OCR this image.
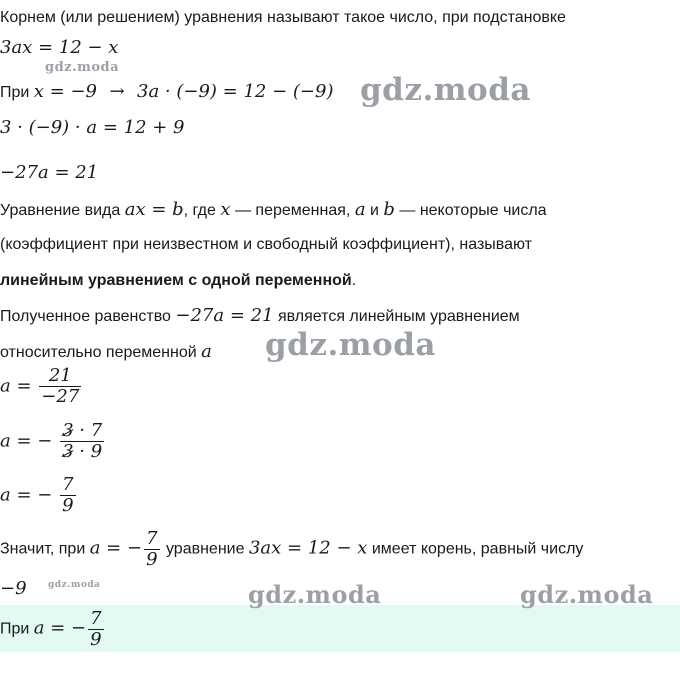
Корнем (или решением) уравнения называют такое число, при подстановке
3ax = 12 − x
При x = −9 → 3a · (−9) = 12 − (−9)
3 · (−9) · a = 12 + 9
−27a = 21
Уравнение вида ax = b, где x — переменная, a и b — некоторые числа
(коэффициент при неизвестном и свободный коэффициент), называют
линейным уравнением с одной переменной.
Полученное равенство −27a = 21 является линейным уравнением
относительно переменной a
$a = \frac{21}{-27}$
a = − $\frac{3 \cdot 7}{3 \cdot 9}$
a = − $\frac{7}{9}$
Значит, при a = − $\frac{7}{9}$ уравнение 3ax = 12 − x имеет корень, равный числу
−9
При a = − $\frac{7}{9}$
gdz.moda
gdz.moda
gdz.moda
gdz.moda	gdz.moda	gdz.moda
